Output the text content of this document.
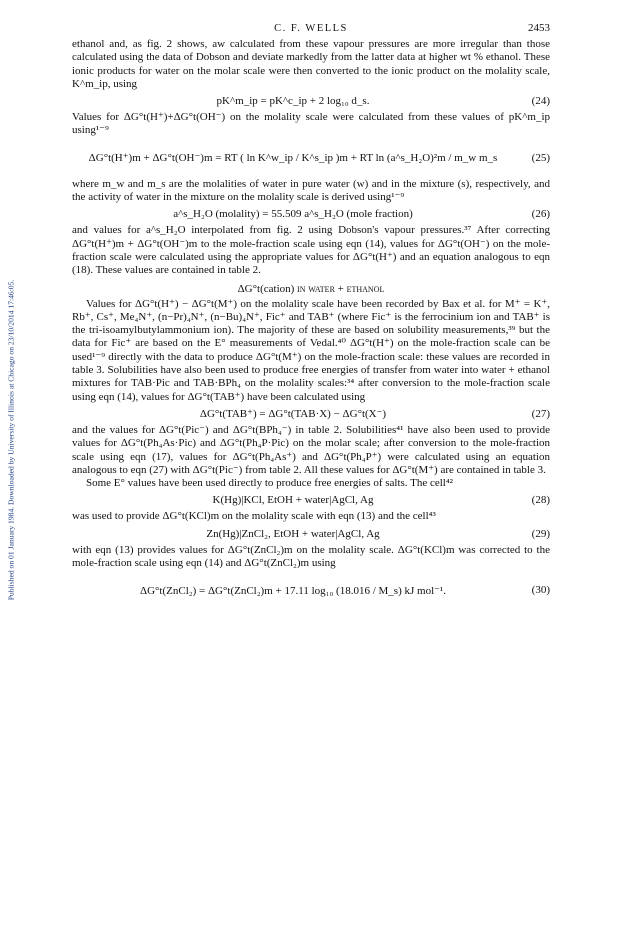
Published on 01 January 1984. Downloaded by University of Illinois at Chicago on 23/10/2014 17:46:05.
C. F. WELLS	2453

ethanol and, as fig. 2 shows, aw calculated from these vapour pressures are more irregular than those calculated using the data of Dobson and deviate markedly from the latter data at higher wt % ethanol. These ionic products for water on the molar scale were then converted to the ionic product on the molality scale, K^m_ip, using

pK^m_ip = pK^c_ip + 2 log₁₀ d_s.	(24)

Values for ΔG°t(H⁺)+ΔG°t(OH⁻) on the molality scale were calculated from these values of pK^m_ip using¹⁻⁹

ΔG°t(H⁺)m + ΔG°t(OH⁻)m = RT ( ln K^w_ip / K^s_ip )m + RT ln (a^s_H₂O)²m / m_w m_s	(25)

where m_w and m_s are the molalities of water in pure water (w) and in the mixture (s), respectively, and the activity of water in the mixture on the molality scale is derived using¹⁻⁹

a^s_H₂O (molality) = 55.509 a^s_H₂O (mole fraction)	(26)

and values for a^s_H₂O interpolated from fig. 2 using Dobson's vapour pressures.³⁷ After correcting ΔG°t(H⁺)m + ΔG°t(OH⁻)m to the mole-fraction scale using eqn (14), values for ΔG°t(OH⁻) on the mole-fraction scale were calculated using the appropriate values for ΔG°t(H⁺) and an equation analogous to eqn (18). These values are contained in table 2.

ΔG°t(cation) in water + ethanol

Values for ΔG°t(H⁺) − ΔG°t(M⁺) on the molality scale have been recorded by Bax et al. for M⁺ = K⁺, Rb⁺, Cs⁺, Me₄N⁺, (n−Pr)₄N⁺, (n−Bu)₄N⁺, Fic⁺ and TAB⁺ (where Fic⁺ is the ferrocinium ion and TAB⁺ is the tri-isoamylbutylammonium ion). The majority of these are based on solubility measurements,³⁹ but the data for Fic⁺ are based on the E° measurements of Vedal.⁴⁰ ΔG°t(H⁺) on the mole-fraction scale can be used¹⁻⁹ directly with the data to produce ΔG°t(M⁺) on the mole-fraction scale: these values are recorded in table 3. Solubilities have also been used to produce free energies of transfer from water into water + ethanol mixtures for TAB·Pic and TAB·BPh₄ on the molality scales:³⁴ after conversion to the mole-fraction scale using eqn (14), values for ΔG°t(TAB⁺) have been calculated using

ΔG°t(TAB⁺) = ΔG°t(TAB·X) − ΔG°t(X⁻)	(27)

and the values for ΔG°t(Pic⁻) and ΔG°t(BPh₄⁻) in table 2. Solubilities⁴¹ have also been used to provide values for ΔG°t(Ph₄As·Pic) and ΔG°t(Ph₄P·Pic) on the molar scale; after conversion to the mole-fraction scale using eqn (17), values for ΔG°t(Ph₄As⁺) and ΔG°t(Ph₄P⁺) were calculated using an equation analogous to eqn (27) with ΔG°t(Pic⁻) from table 2. All these values for ΔG°t(M⁺) are contained in table 3.

Some E° values have been used directly to produce free energies of salts. The cell⁴²

K(Hg)|KCl, EtOH + water|AgCl, Ag	(28)

was used to provide ΔG°t(KCl)m on the molality scale with eqn (13) and the cell⁴³

Zn(Hg)|ZnCl₂, EtOH + water|AgCl, Ag	(29)

with eqn (13) provides values for ΔG°t(ZnCl₂)m on the molality scale. ΔG°t(KCl)m was corrected to the mole-fraction scale using eqn (14) and ΔG°t(ZnCl₂)m using

ΔG°t(ZnCl₂) = ΔG°t(ZnCl₂)m + 17.11 log₁₀ (18.016 / M_s) kJ mol⁻¹.	(30)
